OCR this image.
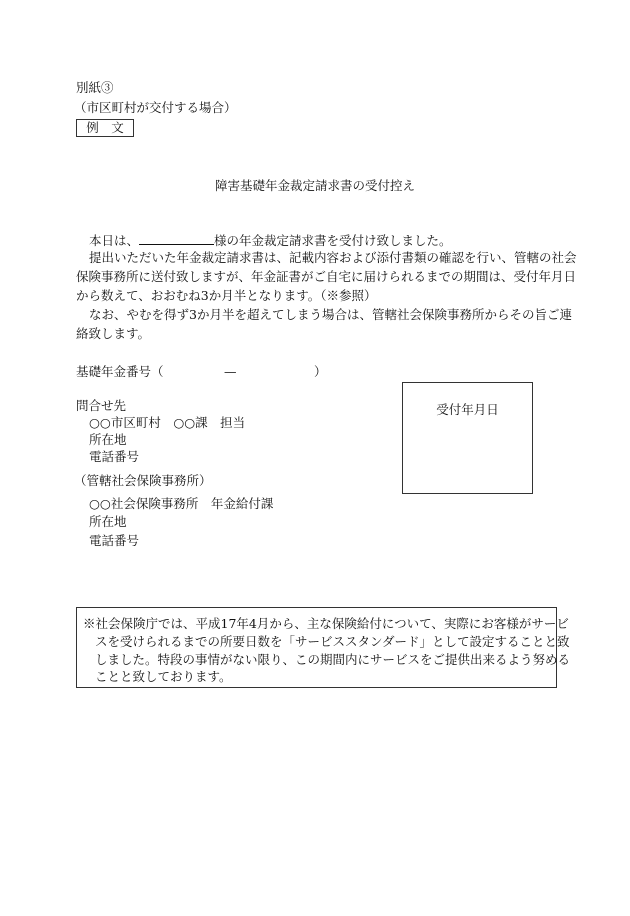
別紙③
（市区町村が交付する場合）
例　文
障害基礎年金裁定請求書の受付控え
本日は、	様の年金裁定請求書を受付け致しました。
提出いただいた年金裁定請求書は、記載内容および添付書類の確認を行い、管轄の社会
保険事務所に送付致しますが、年金証書がご自宅に届けられるまでの期間は、受付年月日
から数えて、おおむね3か月半となります。（※参照）
なお、やむを得ず3か月半を超えてしまう場合は、管轄社会保険事務所からその旨ご連
絡致します。
基礎年金番号（	—	）
問合せ先
○○市区町村　○○課　担当
所在地
電話番号
（管轄社会保険事務所）
○○社会保険事務所　年金給付課
所在地
電話番号
受付年月日
※社会保険庁では、平成17年4月から、主な保険給付について、実際にお客様がサービ
スを受けられるまでの所要日数を「サービススタンダード」として設定することと致
しました。特段の事情がない限り、この期間内にサービスをご提供出来るよう努める
ことと致しております。
